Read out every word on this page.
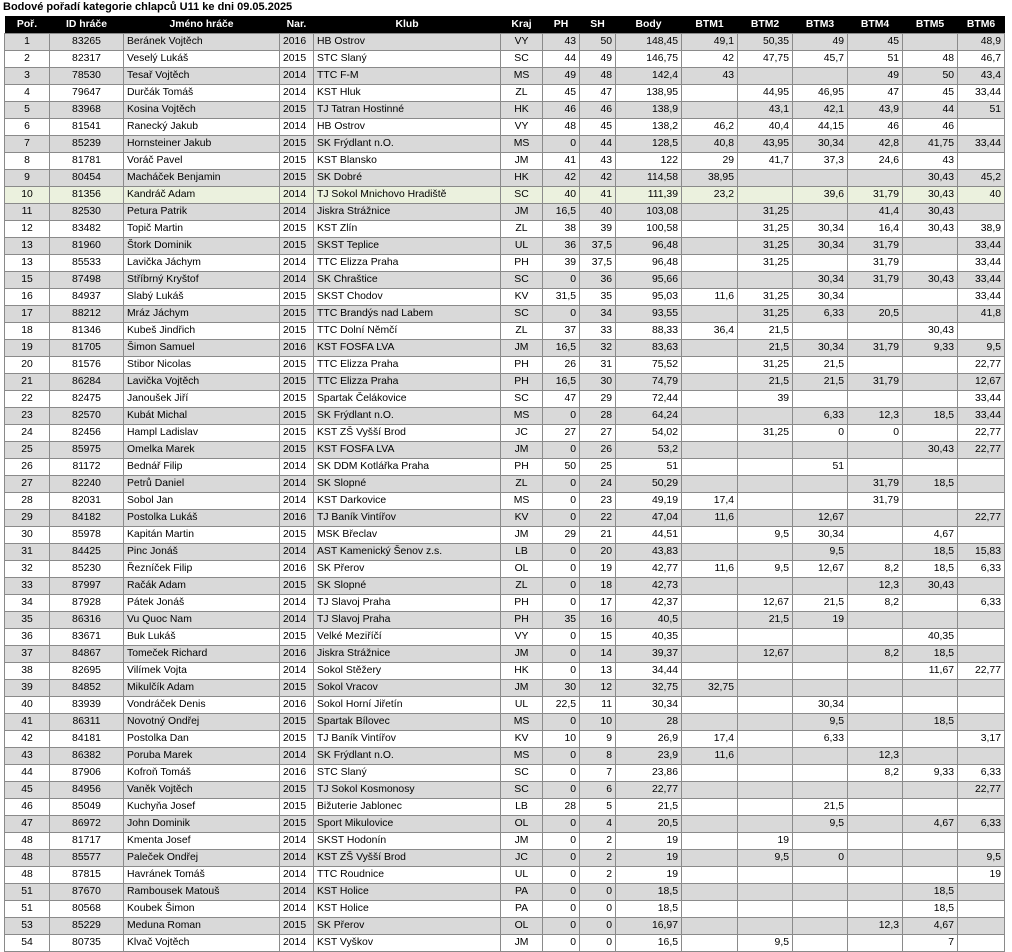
Bodové pořadí kategorie chlapců U11 ke dni 09.05.2025
Poř.	ID hráče	Jméno hráče	Nar.	Klub	Kraj	PH	SH	Body	BTM1	BTM2	BTM3	BTM4	BTM5	BTM6
1	83265	Beránek Vojtěch	2016	HB Ostrov	VY	43	50	148,45	49,1	50,35	49	45		48,9
2	82317	Veselý Lukáš	2015	STC Slaný	SC	44	49	146,75	42	47,75	45,7	51	48	46,7
3	78530	Tesař Vojtěch	2014	TTC F-M	MS	49	48	142,4	43			49	50	43,4
4	79647	Durčák Tomáš	2014	KST Hluk	ZL	45	47	138,95		44,95	46,95	47	45	33,44
5	83968	Kosina Vojtěch	2015	TJ Tatran Hostinné	HK	46	46	138,9		43,1	42,1	43,9	44	51
6	81541	Ranecký Jakub	2014	HB Ostrov	VY	48	45	138,2	46,2	40,4	44,15	46	46	
7	85239	Hornsteiner Jakub	2015	SK Frýdlant n.O.	MS	0	44	128,5	40,8	43,95	30,34	42,8	41,75	33,44
8	81781	Voráč Pavel	2015	KST Blansko	JM	41	43	122	29	41,7	37,3	24,6	43	
9	80454	Macháček Benjamin	2015	SK Dobré	HK	42	42	114,58	38,95				30,43	45,2
10	81356	Kandráč Adam	2014	TJ Sokol Mnichovo Hradiště	SC	40	41	111,39	23,2		39,6	31,79	30,43	40
11	82530	Petura Patrik	2014	Jiskra Strážnice	JM	16,5	40	103,08		31,25		41,4	30,43	
12	83482	Topič Martin	2015	KST Zlín	ZL	38	39	100,58		31,25	30,34	16,4	30,43	38,9
13	81960	Štork Dominik	2015	SKST Teplice	UL	36	37,5	96,48		31,25	30,34	31,79		33,44
13	85533	Lavička Jáchym	2014	TTC Elizza Praha	PH	39	37,5	96,48		31,25		31,79		33,44
15	87498	Stříbrný Kryštof	2014	SK Chraštice	SC	0	36	95,66			30,34	31,79	30,43	33,44
16	84937	Slabý Lukáš	2015	SKST Chodov	KV	31,5	35	95,03	11,6	31,25	30,34			33,44
17	88212	Mráz Jáchym	2015	TTC Brandýs nad Labem	SC	0	34	93,55		31,25	6,33	20,5		41,8
18	81346	Kubeš Jindřich	2015	TTC Dolní Němčí	ZL	37	33	88,33	36,4	21,5			30,43	
19	81705	Šimon Samuel	2016	KST FOSFA LVA	JM	16,5	32	83,63		21,5	30,34	31,79	9,33	9,5
20	81576	Stibor Nicolas	2015	TTC Elizza Praha	PH	26	31	75,52		31,25	21,5			22,77
21	86284	Lavička Vojtěch	2015	TTC Elizza Praha	PH	16,5	30	74,79		21,5	21,5	31,79		12,67
22	82475	Janoušek Jiří	2015	Spartak Čelákovice	SC	47	29	72,44		39				33,44
23	82570	Kubát Michal	2015	SK Frýdlant n.O.	MS	0	28	64,24			6,33	12,3	18,5	33,44
24	82456	Hampl Ladislav	2015	KST ZŠ Vyšší Brod	JC	27	27	54,02		31,25	0	0		22,77
25	85975	Omelka Marek	2015	KST FOSFA LVA	JM	0	26	53,2					30,43	22,77
26	81172	Bednář Filip	2014	SK DDM Kotlářka Praha	PH	50	25	51			51			
27	82240	Petrů Daniel	2014	SK Slopné	ZL	0	24	50,29				31,79	18,5	
28	82031	Sobol Jan	2014	KST Darkovice	MS	0	23	49,19	17,4			31,79		
29	84182	Postolka Lukáš	2016	TJ Baník Vintířov	KV	0	22	47,04	11,6		12,67			22,77
30	85978	Kapitán Martin	2015	MSK Břeclav	JM	29	21	44,51		9,5	30,34		4,67	
31	84425	Pinc Jonáš	2014	AST Kamenický Šenov z.s.	LB	0	20	43,83			9,5		18,5	15,83
32	85230	Řezníček Filip	2016	SK Přerov	OL	0	19	42,77	11,6	9,5	12,67	8,2	18,5	6,33
33	87997	Račák Adam	2015	SK Slopné	ZL	0	18	42,73				12,3	30,43	
34	87928	Pátek Jonáš	2014	TJ Slavoj Praha	PH	0	17	42,37		12,67	21,5	8,2		6,33
35	86316	Vu Quoc Nam	2014	TJ Slavoj Praha	PH	35	16	40,5		21,5	19			
36	83671	Buk Lukáš	2015	Velké Meziříčí	VY	0	15	40,35					40,35	
37	84867	Tomeček Richard	2016	Jiskra Strážnice	JM	0	14	39,37		12,67		8,2	18,5	
38	82695	Vilímek Vojta	2014	Sokol Stěžery	HK	0	13	34,44					11,67	22,77
39	84852	Mikulčík Adam	2015	Sokol Vracov	JM	30	12	32,75	32,75					
40	83939	Vondráček Denis	2016	Sokol Horní Jiřetín	UL	22,5	11	30,34			30,34			
41	86311	Novotný Ondřej	2015	Spartak Bílovec	MS	0	10	28			9,5		18,5	
42	84181	Postolka Dan	2015	TJ Baník Vintířov	KV	10	9	26,9	17,4		6,33			3,17
43	86382	Poruba Marek	2014	SK Frýdlant n.O.	MS	0	8	23,9	11,6			12,3		
44	87906	Kofroň Tomáš	2016	STC Slaný	SC	0	7	23,86				8,2	9,33	6,33
45	84956	Vaněk Vojtěch	2015	TJ Sokol Kosmonosy	SC	0	6	22,77						22,77
46	85049	Kuchyňa Josef	2015	Bižuterie Jablonec	LB	28	5	21,5			21,5			
47	86972	John Dominik	2015	Sport Mikulovice	OL	0	4	20,5			9,5		4,67	6,33
48	81717	Kmenta Josef	2014	SKST Hodonín	JM	0	2	19		19				
48	85577	Paleček Ondřej	2014	KST ZŠ Vyšší Brod	JC	0	2	19		9,5	0			9,5
48	87815	Havránek Tomáš	2014	TTC Roudnice	UL	0	2	19						19
51	87670	Rambousek Matouš	2014	KST Holice	PA	0	0	18,5					18,5	
51	80568	Koubek Šimon	2014	KST Holice	PA	0	0	18,5					18,5	
53	85229	Meduna Roman	2015	SK Přerov	OL	0	0	16,97				12,3	4,67	
54	80735	Klvač Vojtěch	2014	KST Vyškov	JM	0	0	16,5		9,5			7	
